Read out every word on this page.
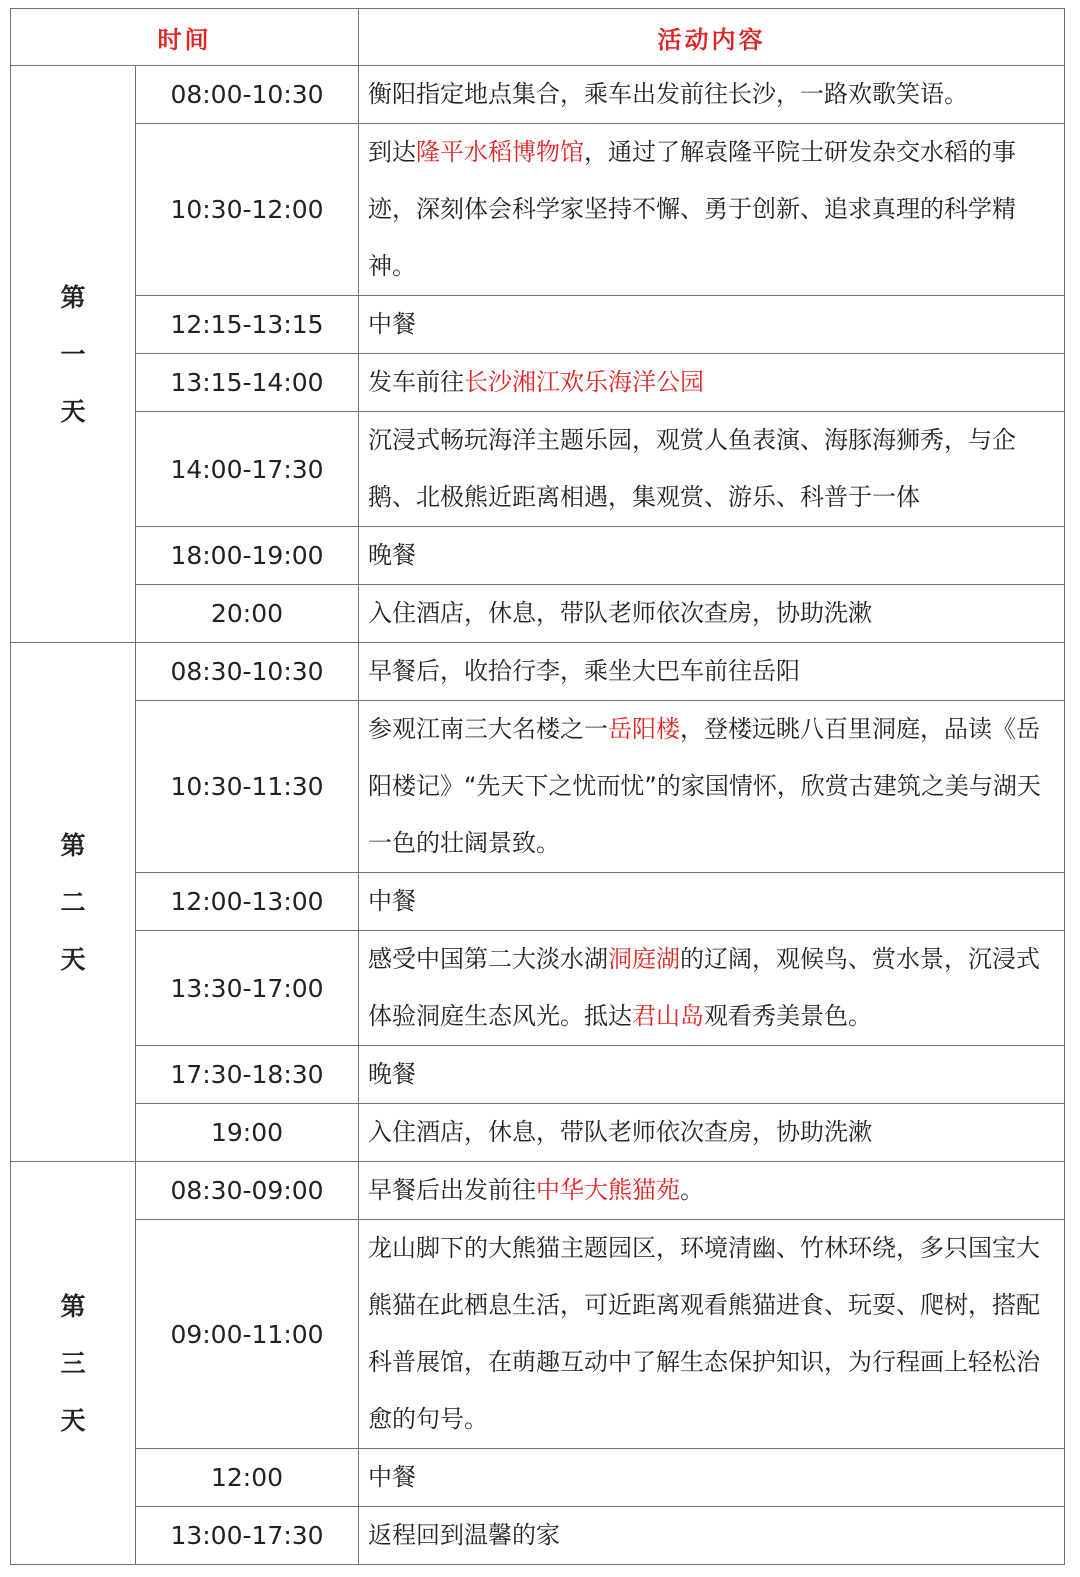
时间		活动内容

第
一
天	08:00-10:30	衡阳指定地点集合，乘车出发前往长沙，一路欢歌笑语。
	10:30-12:00	到达隆平水稻博物馆，通过了解袁隆平院士研发杂交水稻的事迹，深刻体会科学家坚持不懈、勇于创新、追求真理的科学精神。
	12:15-13:15	中餐
	13:15-14:00	发车前往长沙湘江欢乐海洋公园
	14:00-17:30	沉浸式畅玩海洋主题乐园，观赏人鱼表演、海豚海狮秀，与企鹅、北极熊近距离相遇，集观赏、游乐、科普于一体
	18:00-19:00	晚餐
	20:00	入住酒店，休息，带队老师依次查房，协助洗漱

第
二
天	08:30-10:30	早餐后，收拾行李，乘坐大巴车前往岳阳
	10:30-11:30	参观江南三大名楼之一岳阳楼，登楼远眺八百里洞庭，品读《岳阳楼记》“先天下之忧而忧”的家国情怀，欣赏古建筑之美与湖天一色的壮阔景致。
	12:00-13:00	中餐
	13:30-17:00	感受中国第二大淡水湖洞庭湖的辽阔，观候鸟、赏水景，沉浸式体验洞庭生态风光。抵达君山岛观看秀美景色。
	17:30-18:30	晚餐
	19:00	入住酒店，休息，带队老师依次查房，协助洗漱

第
三
天	08:30-09:00	早餐后出发前往中华大熊猫苑。
	09:00-11:00	龙山脚下的大熊猫主题园区，环境清幽、竹林环绕，多只国宝大熊猫在此栖息生活，可近距离观看熊猫进食、玩耍、爬树，搭配科普展馆，在萌趣互动中了解生态保护知识，为行程画上轻松治愈的句号。
	12:00	中餐
	13:00-17:30	返程回到温馨的家
